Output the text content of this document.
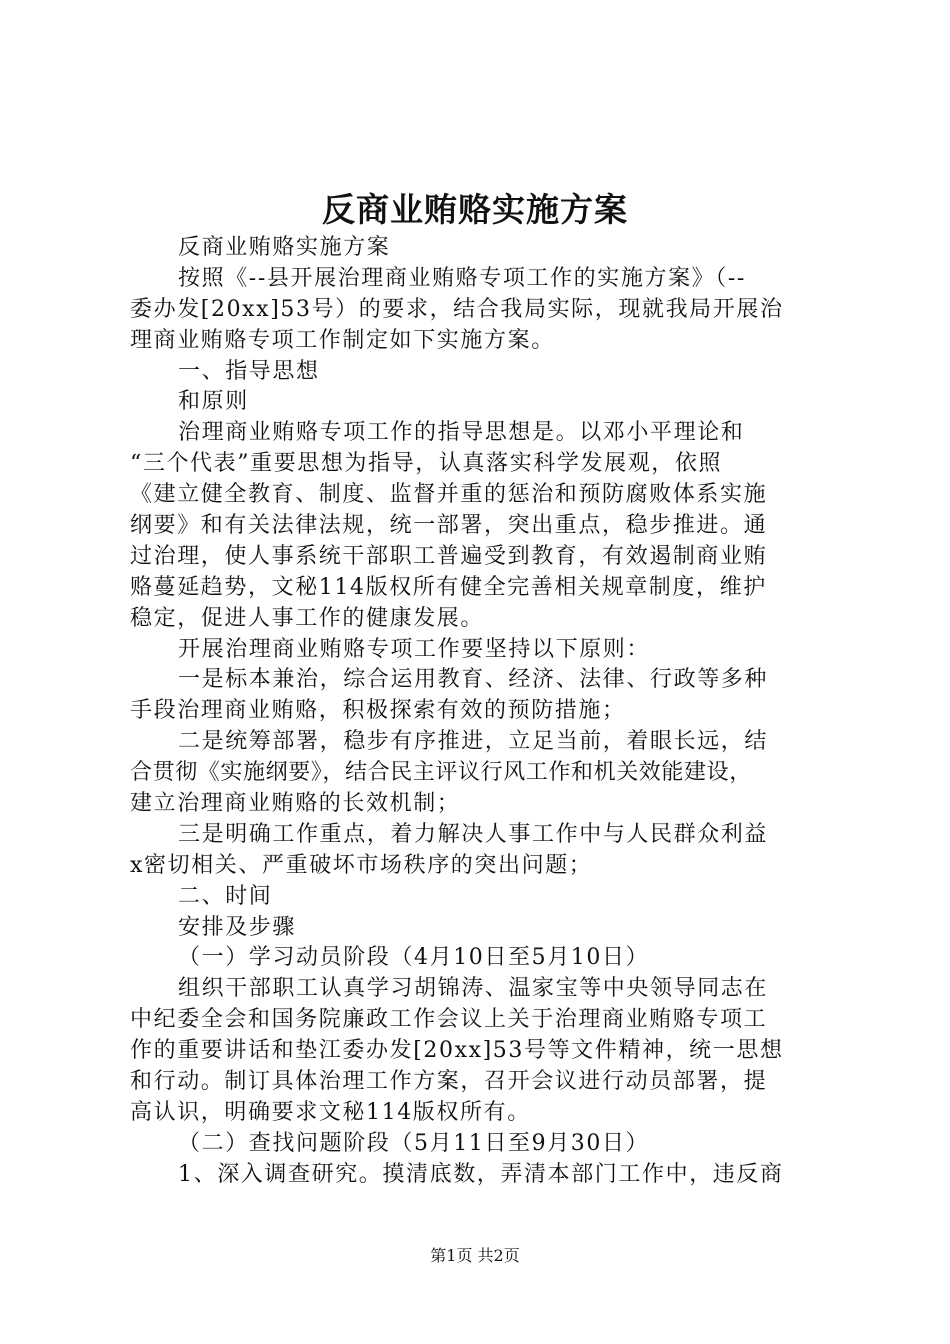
反商业贿赂实施方案

反商业贿赂实施方案

按照《--县开展治理商业贿赂专项工作的实施方案》（--

委办发[20xx]53号）的要求，结合我局实际，现就我局开展治

理商业贿赂专项工作制定如下实施方案。

一、指导思想

和原则

治理商业贿赂专项工作的指导思想是。以邓小平理论和

“三个代表”重要思想为指导，认真落实科学发展观，依照

《建立健全教育、制度、监督并重的惩治和预防腐败体系实施

纲要》和有关法律法规，统一部署，突出重点，稳步推进。通

过治理，使人事系统干部职工普遍受到教育，有效遏制商业贿

赂蔓延趋势，文秘114版权所有健全完善相关规章制度，维护

稳定，促进人事工作的健康发展。

开展治理商业贿赂专项工作要坚持以下原则：

一是标本兼治，综合运用教育、经济、法律、行政等多种

手段治理商业贿赂，积极探索有效的预防措施；

二是统筹部署，稳步有序推进，立足当前，着眼长远，结

合贯彻《实施纲要》，结合民主评议行风工作和机关效能建设，

建立治理商业贿赂的长效机制；

三是明确工作重点，着力解决人事工作中与人民群众利益

x密切相关、严重破坏市场秩序的突出问题；

二、时间

安排及步骤

（一）学习动员阶段（4月10日至5月10日）

组织干部职工认真学习胡锦涛、温家宝等中央领导同志在

中纪委全会和国务院廉政工作会议上关于治理商业贿赂专项工

作的重要讲话和垫江委办发[20xx]53号等文件精神，统一思想

和行动。制订具体治理工作方案，召开会议进行动员部署，提

高认识，明确要求文秘114版权所有。

（二）查找问题阶段（5月11日至9月30日）

1、深入调查研究。摸清底数，弄清本部门工作中，违反商

第1页 共2页
